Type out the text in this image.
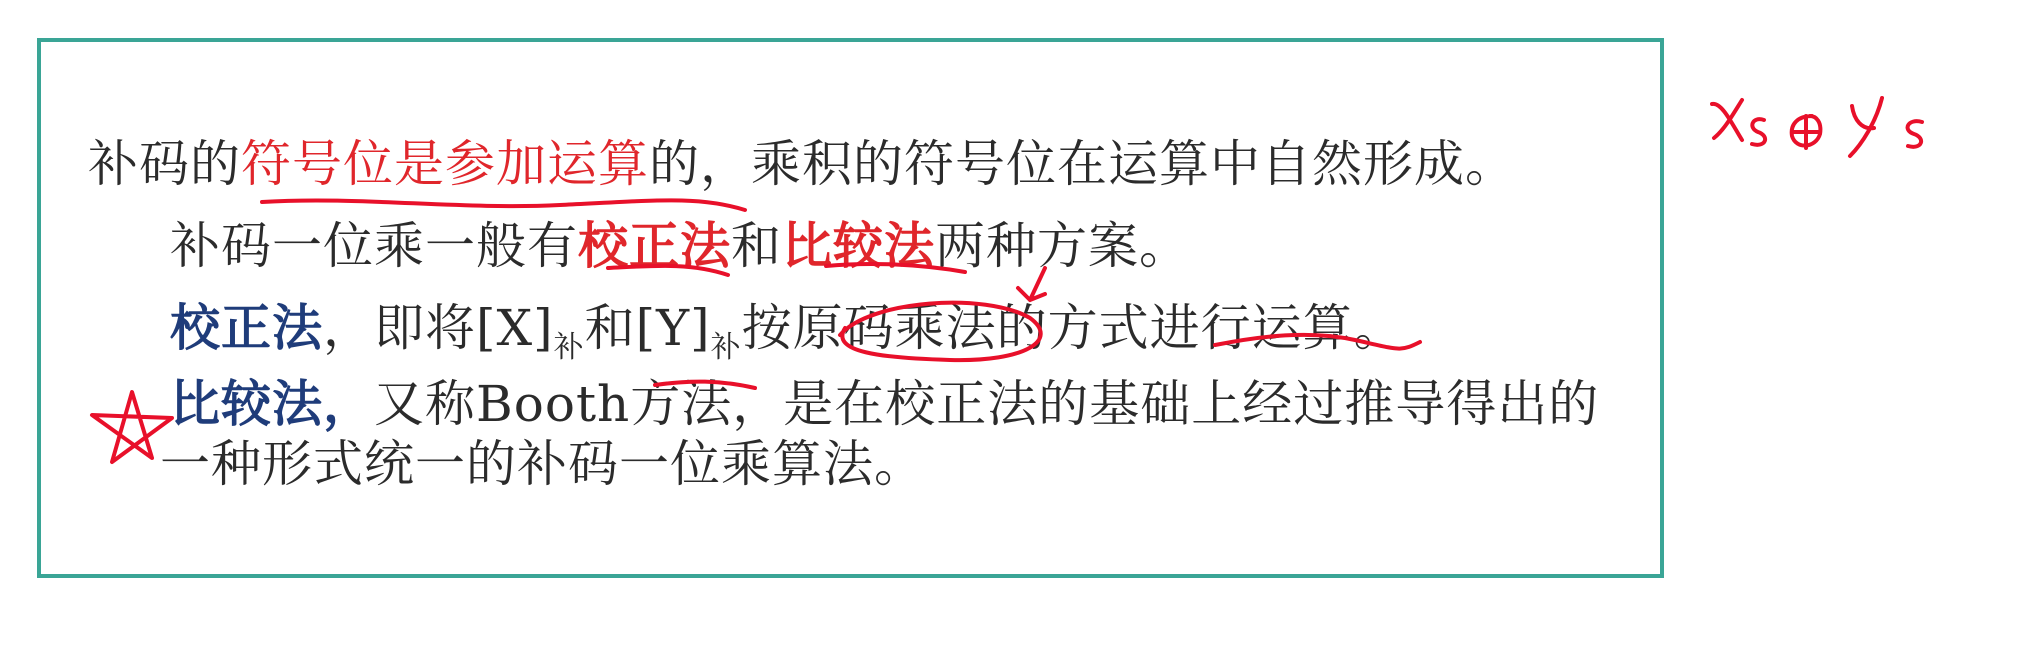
补码的符号位是参加运算的，乘积的符号位在运算中自然形成。
补码一位乘一般有校正法和比较法两种方案。
校正法，即将$[X]_补$和$[Y]_补$按原码乘法的方式进行运算。
比较法，又称Booth方法，是在校正法的基础上经过推导得出的
一种形式统一的补码一位乘算法。
